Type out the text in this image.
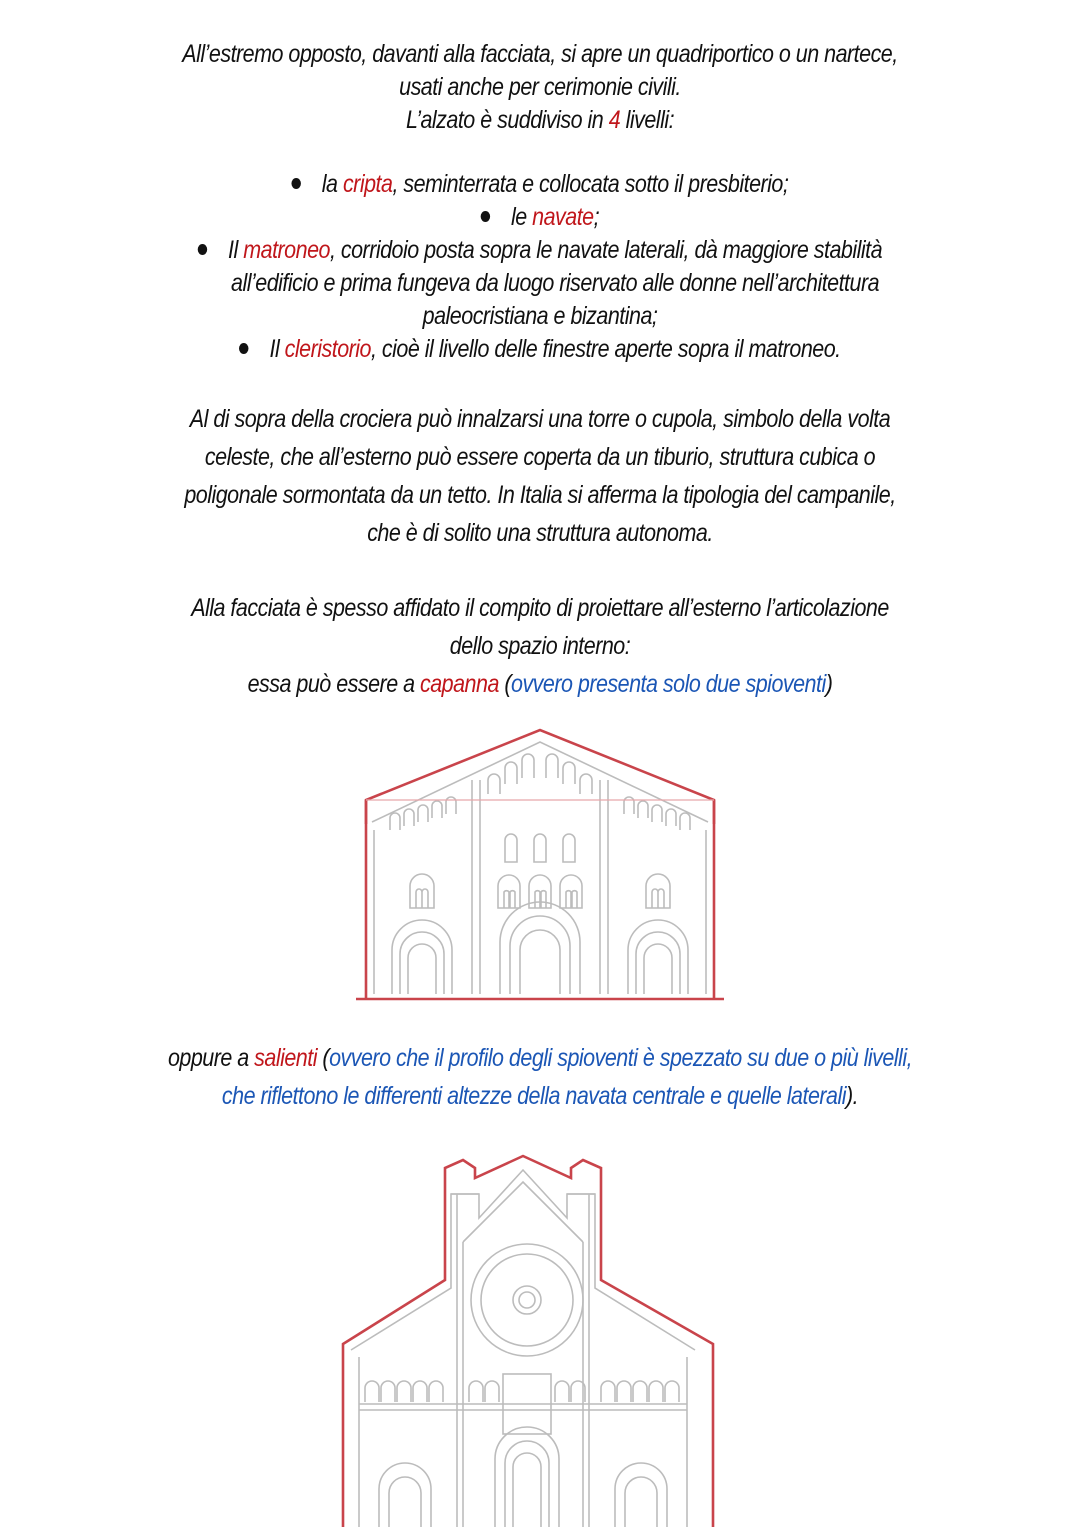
All’estremo opposto, davanti alla facciata, si apre un quadriportico o un nartece,
usati anche per cerimonie civili.
L’alzato è suddiviso in 4 livelli:
la cripta, seminterrata e collocata sotto il presbiterio;
le navate;
Il matroneo, corridoio posta sopra le navate laterali, dà maggiore stabilità
all’edificio e prima fungeva da luogo riservato alle donne nell’architettura
paleocristiana e bizantina;
Il cleristorio, cioè il livello delle finestre aperte sopra il matroneo.
Al di sopra della crociera può innalzarsi una torre o cupola, simbolo della volta
celeste, che all’esterno può essere coperta da un tiburio, struttura cubica o
poligonale sormontata da un tetto. In Italia si afferma la tipologia del campanile,
che è di solito una struttura autonoma.
Alla facciata è spesso affidato il compito di proiettare all’esterno l’articolazione
dello spazio interno:
essa può essere a capanna (ovvero presenta solo due spioventi)
oppure a salienti (ovvero che il profilo degli spioventi è spezzato su due o più livelli,
che riflettono le differenti altezze della navata centrale e quelle laterali).
